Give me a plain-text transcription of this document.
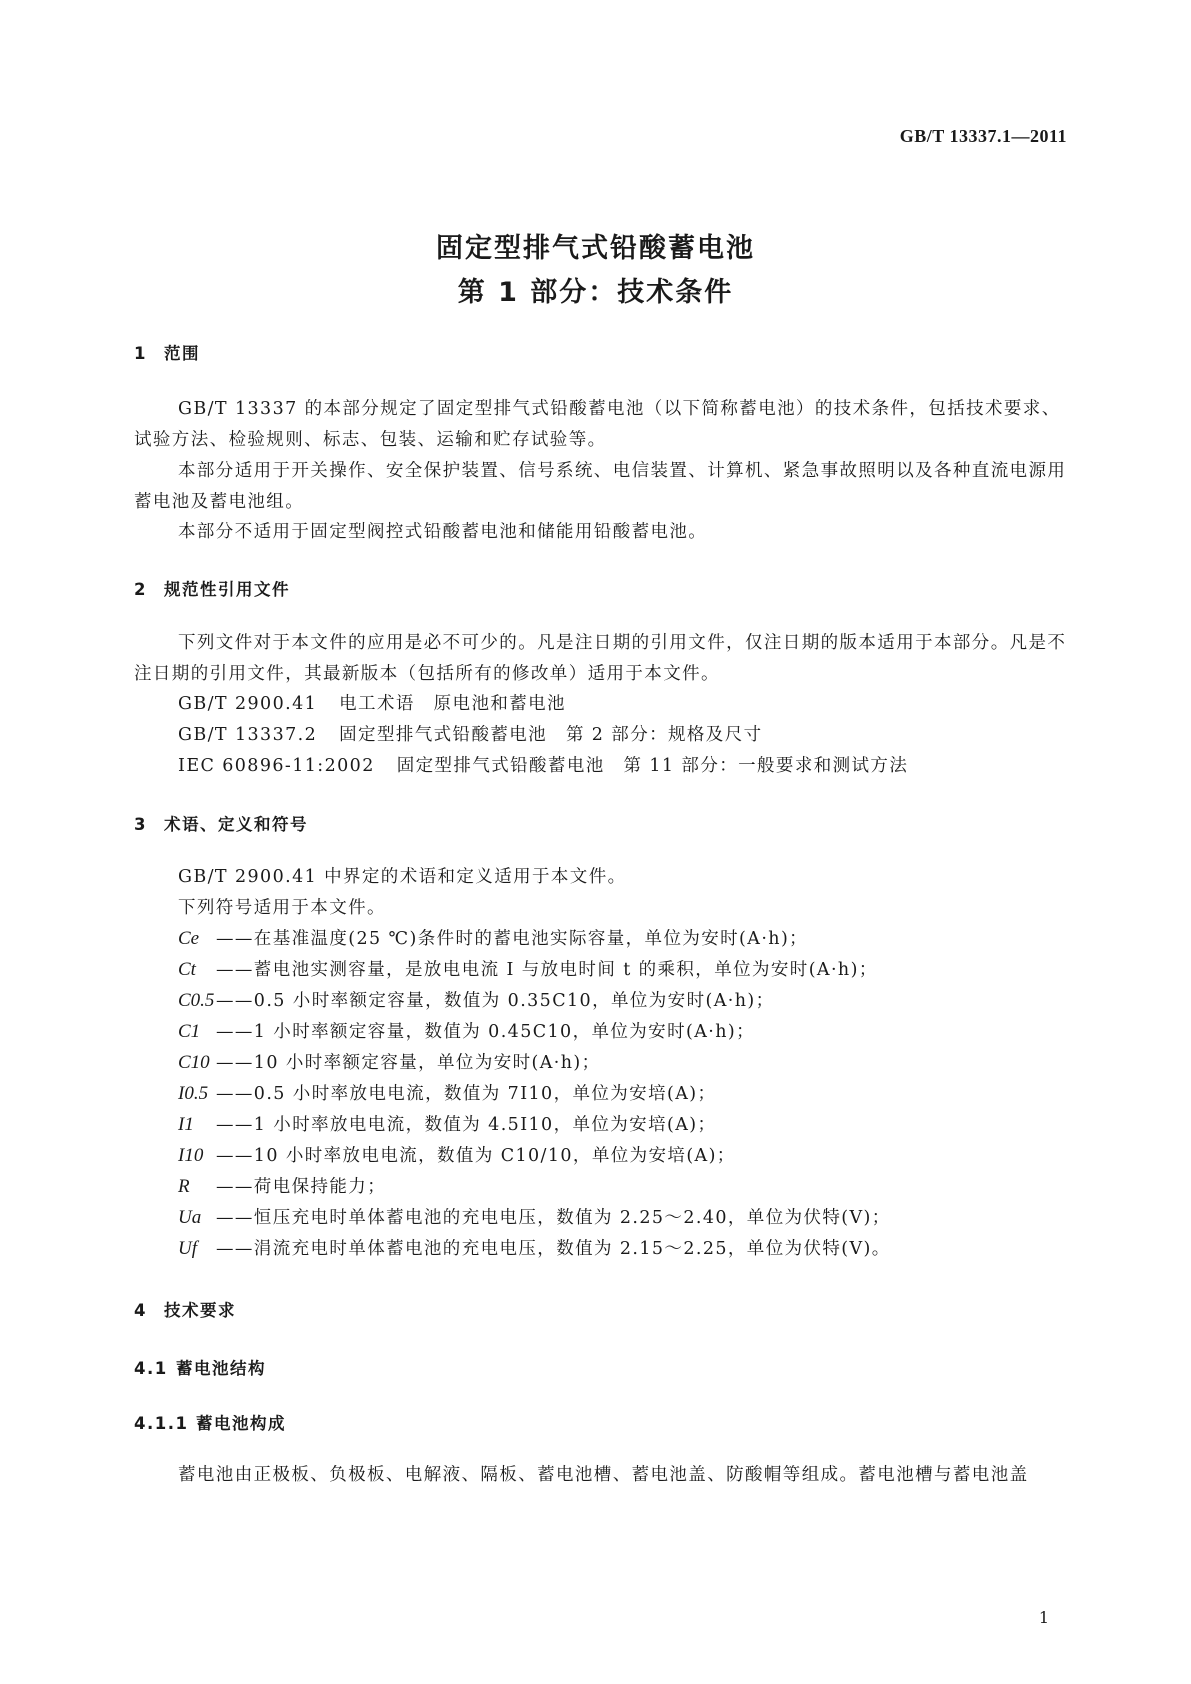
GB/T 13337.1—2011
固定型排气式铅酸蓄电池
第 1 部分：技术条件
1 范围
GB/T 13337 的本部分规定了固定型排气式铅酸蓄电池（以下简称蓄电池）的技术条件，包括技术要求、试验方法、检验规则、标志、包装、运输和贮存试验等。
本部分适用于开关操作、安全保护装置、信号系统、电信装置、计算机、紧急事故照明以及各种直流电源用蓄电池及蓄电池组。
本部分不适用于固定型阀控式铅酸蓄电池和储能用铅酸蓄电池。
2 规范性引用文件
下列文件对于本文件的应用是必不可少的。凡是注日期的引用文件，仅注日期的版本适用于本部分。凡是不注日期的引用文件，其最新版本（包括所有的修改单）适用于本文件。
GB/T 2900.41 电工术语　原电池和蓄电池
GB/T 13337.2 固定型排气式铅酸蓄电池　第 2 部分：规格及尺寸
IEC 60896-11:2002 固定型排气式铅酸蓄电池　第 11 部分：一般要求和测试方法
3 术语、定义和符号
GB/T 2900.41 中界定的术语和定义适用于本文件。
下列符号适用于本文件。
Ce ——在基准温度(25 ℃)条件时的蓄电池实际容量，单位为安时(A·h)；
Ct ——蓄电池实测容量，是放电电流 I 与放电时间 t 的乘积，单位为安时(A·h)；
C0.5——0.5 小时率额定容量，数值为 0.35C10，单位为安时(A·h)；
C1 ——1 小时率额定容量，数值为 0.45C10，单位为安时(A·h)；
C10 ——10 小时率额定容量，单位为安时(A·h)；
I0.5 ——0.5 小时率放电电流，数值为 7I10，单位为安培(A)；
I1 ——1 小时率放电电流，数值为 4.5I10，单位为安培(A)；
I10 ——10 小时率放电电流，数值为 C10/10，单位为安培(A)；
R ——荷电保持能力；
Ua ——恒压充电时单体蓄电池的充电电压，数值为 2.25～2.40，单位为伏特(V)；
Uf ——涓流充电时单体蓄电池的充电电压，数值为 2.15～2.25，单位为伏特(V)。
4 技术要求
4.1 蓄电池结构
4.1.1 蓄电池构成
蓄电池由正极板、负极板、电解液、隔板、蓄电池槽、蓄电池盖、防酸帽等组成。蓄电池槽与蓄电池盖
1
